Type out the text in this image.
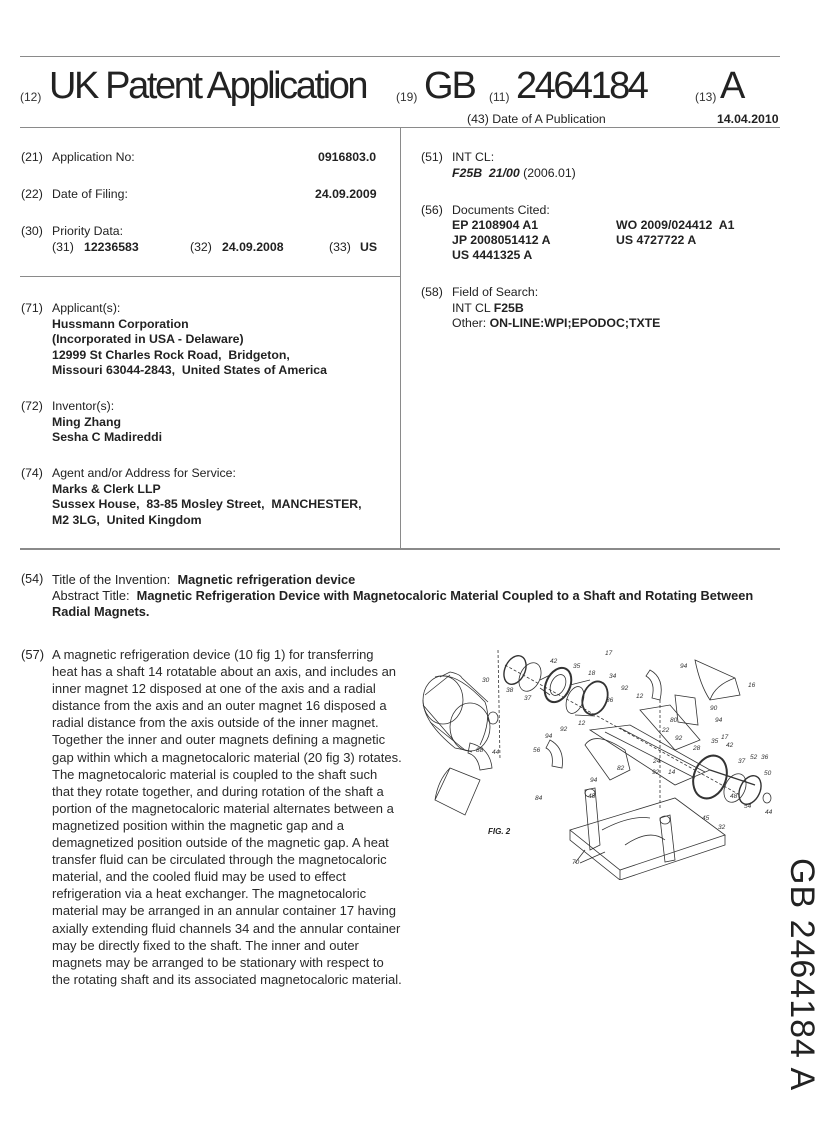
(12) UK Patent Application (19) GB (11) 2464184	(13) A
(43) Date of A Publication	14.04.2010
(21) Application No:	0916803.0
(22) Date of Filing:	24.09.2009
(30) Priority Data:
(31) 12236583	(32) 24.09.2008	(33) US
(71) Applicant(s):
Hussmann Corporation
(Incorporated in USA - Delaware)
12999 St Charles Rock Road,  Bridgeton,
Missouri 63044-2843,  United States of America
(72) Inventor(s):
Ming Zhang
Sesha C Madireddi
(74) Agent and/or Address for Service:
Marks & Clerk LLP
Sussex House,  83-85 Mosley Street,  MANCHESTER,
M2 3LG,  United Kingdom
(51) INT CL:
F25B  21/00 (2006.01)
(56) Documents Cited:
EP 2108904 A1	WO 2009/024412  A1
JP 2008051412 A	US 4727722 A
US 4441325 A
(58) Field of Search:
INT CL F25B
Other: ON-LINE:WPI;EPODOC;TXTE
(54) Title of the Invention: Magnetic refrigeration device
Abstract Title: Magnetic Refrigeration Device with Magnetocaloric Material Coupled to a Shaft and Rotating Between Radial Magnets.
(57) A magnetic refrigeration device (10 fig 1) for transferring heat has a shaft 14 rotatable about an axis, and includes an inner magnet 12 disposed at one of the axis and a radial distance from the axis and an outer magnet 16 disposed a radial distance from the axis outside of the inner magnet. Together the inner and outer magnets defining a magnetic gap within which a magnetocaloric material (20 fig 3) rotates. The magnetocaloric material is coupled to the shaft such that they rotate together, and during rotation of the shaft a portion of the magnetocaloric material alternates between a magnetized position within the magnetic gap and a demagnetized position outside of the magnetic gap. A heat transfer fluid can be circulated through the magnetocaloric material, and the cooled fluid may be used to effect refrigeration via a heat exchanger. The magnetocaloric material may be arranged in an annular container 17 having axially extending fluid channels 34 and the annular container may be directly fixed to the shaft. The inner and outer magnets may be arranged to be stationary with respect to the rotating shaft and its associated magnetocaloric material.
30
88 44
38
37
42
35
17
18 34
12
92
94
16
90
94
86
80
92
22
12
92
94
56
84
82
24
92 14
94
28
35
42
17
37
52 36
50
48
54
44
45
45
32
70
FIG. 2
GB 2464184 A
